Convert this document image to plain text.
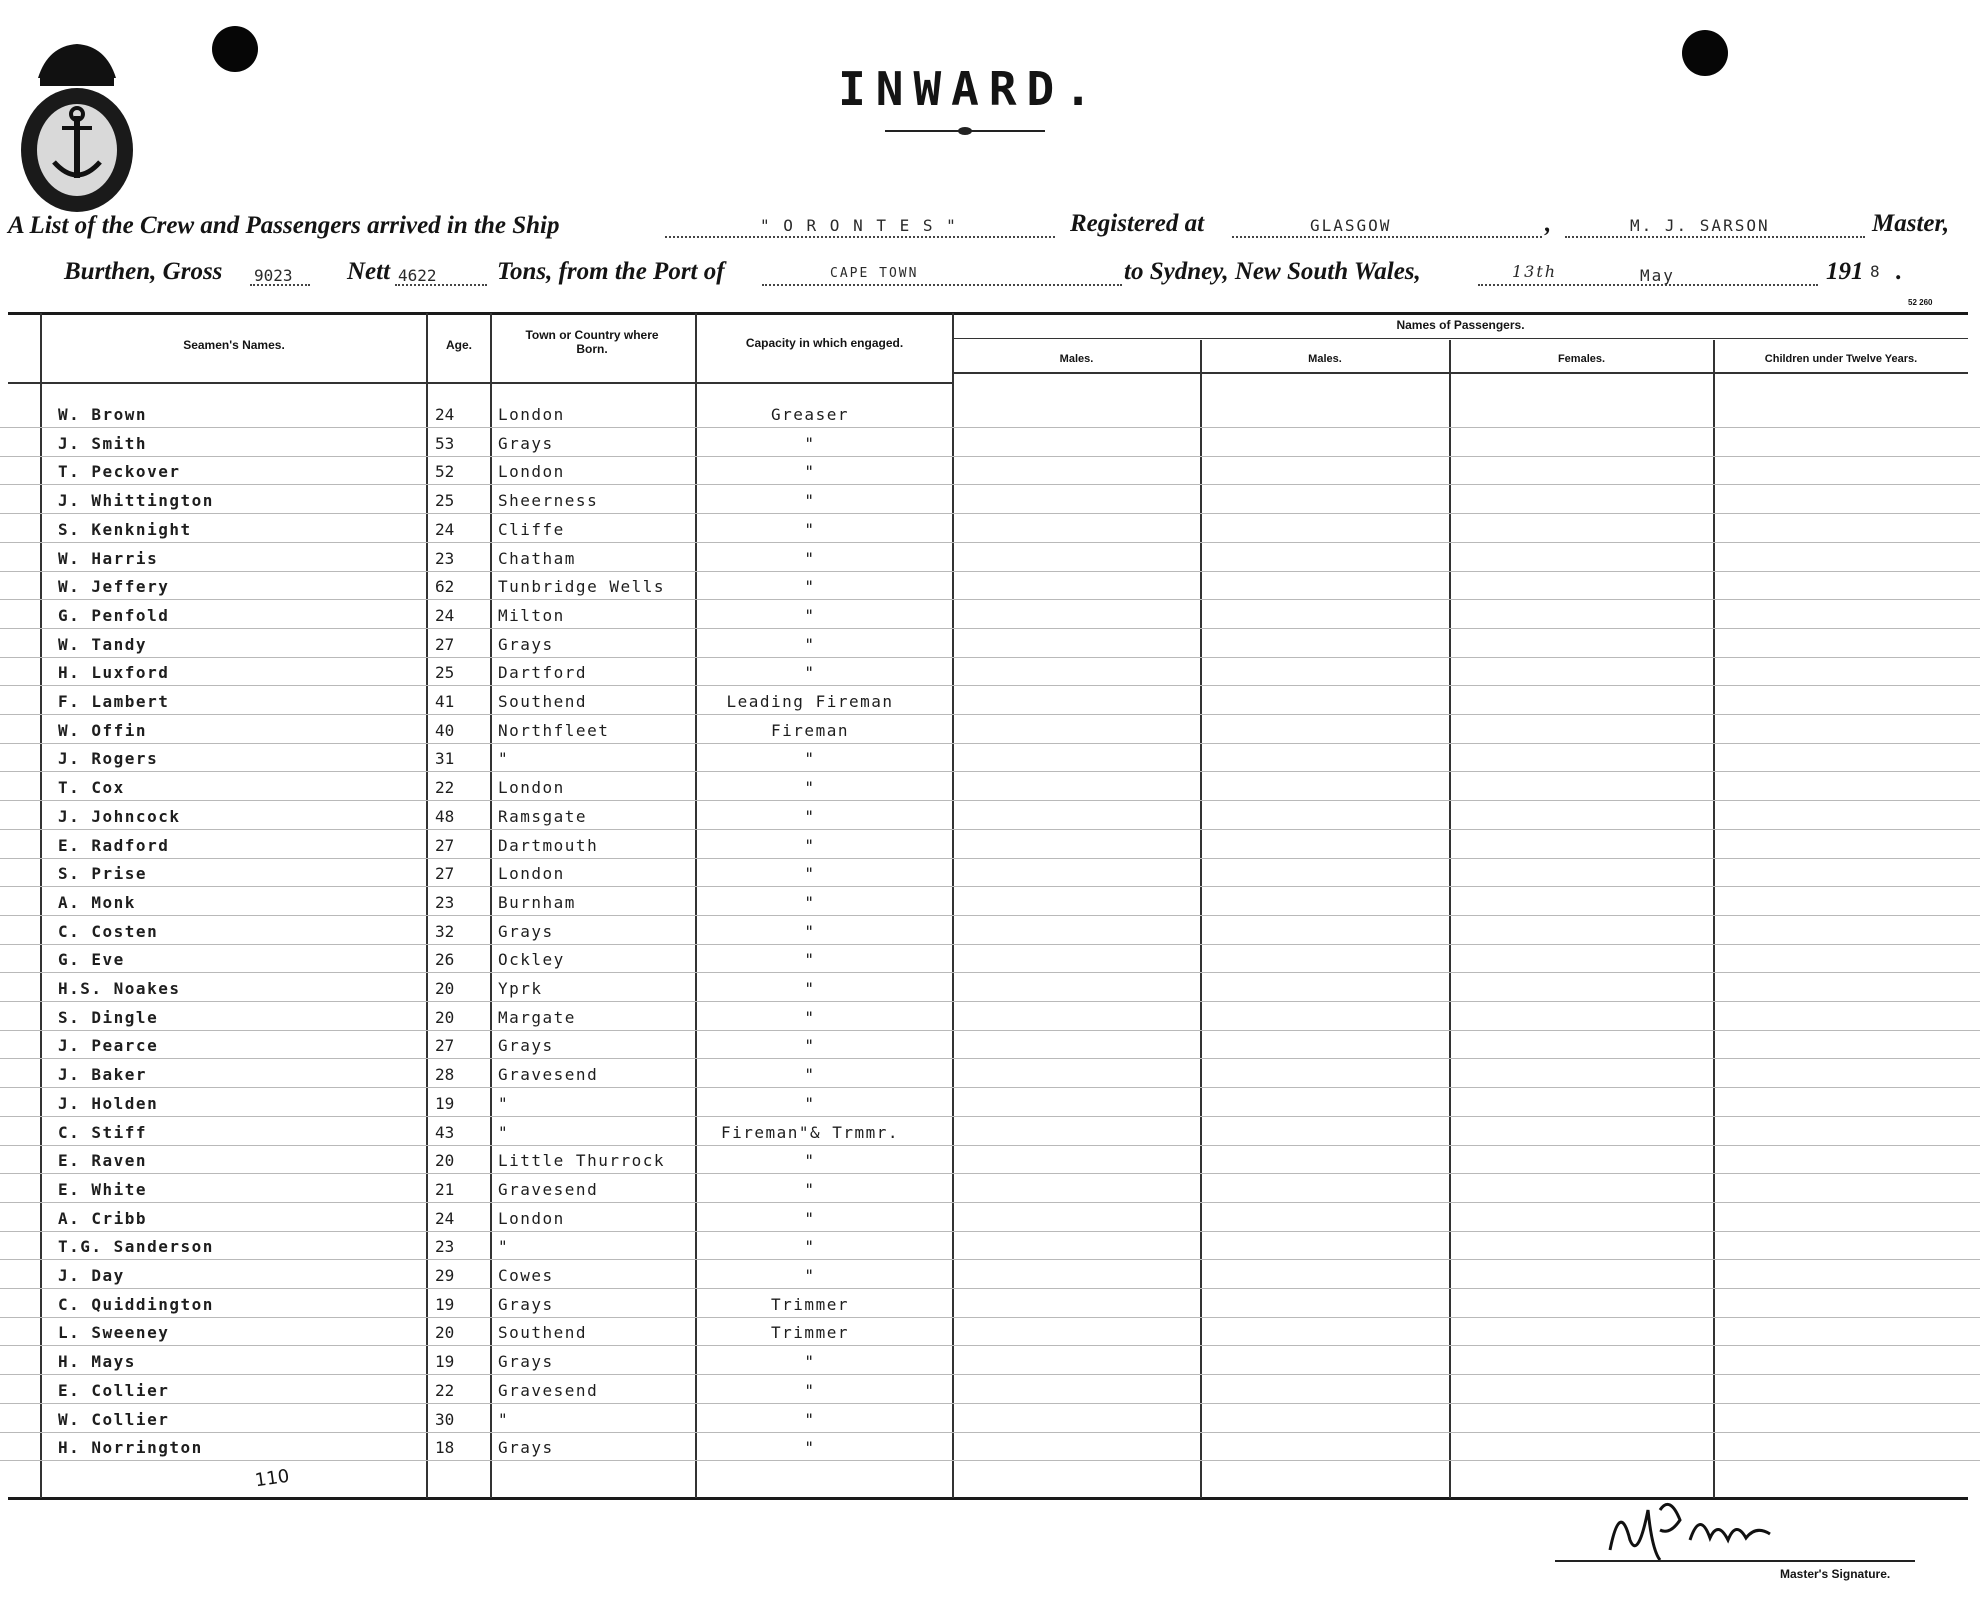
INWARD.
A List of the Crew and Passengers arrived in the Ship	" O R O N T E S "	Registered at	GLASGOW	,	M. J. SARSON	Master,
Burthen, Gross 9023 Nett 4622 Tons, from the Port of	CAPE TOWN	to Sydney, New South Wales,	13th	May	191 8 .
52 260
Seamen's Names.	Age.
Town or Country where Born.	Capacity in which engaged.
Names of Passengers.
Males.	Males.	Females.	Children under Twelve Years.
W. Brown	24	London	Greaser
J. Smith	53	Grays	"
T. Peckover	52	London	"
J. Whittington	25	Sheerness	"
S. Kenknight	24	Cliffe	"
W. Harris	23	Chatham	"
W. Jeffery	62	Tunbridge Wells	"
G. Penfold	24	Milton	"
W. Tandy	27	Grays	"
H. Luxford	25	Dartford	"
F. Lambert	41	Southend	Leading Fireman
W. Offin	40	Northfleet	Fireman
J. Rogers	31	"	"
T. Cox	22	London	"
J. Johncock	48	Ramsgate	"
E. Radford	27	Dartmouth	"
S. Prise	27	London	"
A. Monk	23	Burnham	"
C. Costen	32	Grays	"
G. Eve	26	Ockley	"
H.S. Noakes	20	Yprk	"
S. Dingle	20	Margate	"
J. Pearce	27	Grays	"
J. Baker	28	Gravesend	"
J. Holden	19	"	"
C. Stiff	43	"	Fireman"& Trmmr.
E. Raven	20	Little Thurrock	"
E. White	21	Gravesend	"
A. Cribb	24	London	"
T.G. Sanderson	23	"	"
J. Day	29	Cowes	"
C. Quiddington	19	Grays	Trimmer
L. Sweeney	20	Southend	Trimmer
H. Mays	19	Grays	"
E. Collier	22	Gravesend	"
W. Collier	30	"	"
H. Norrington	18	Grays	"
110
Master's Signature.
